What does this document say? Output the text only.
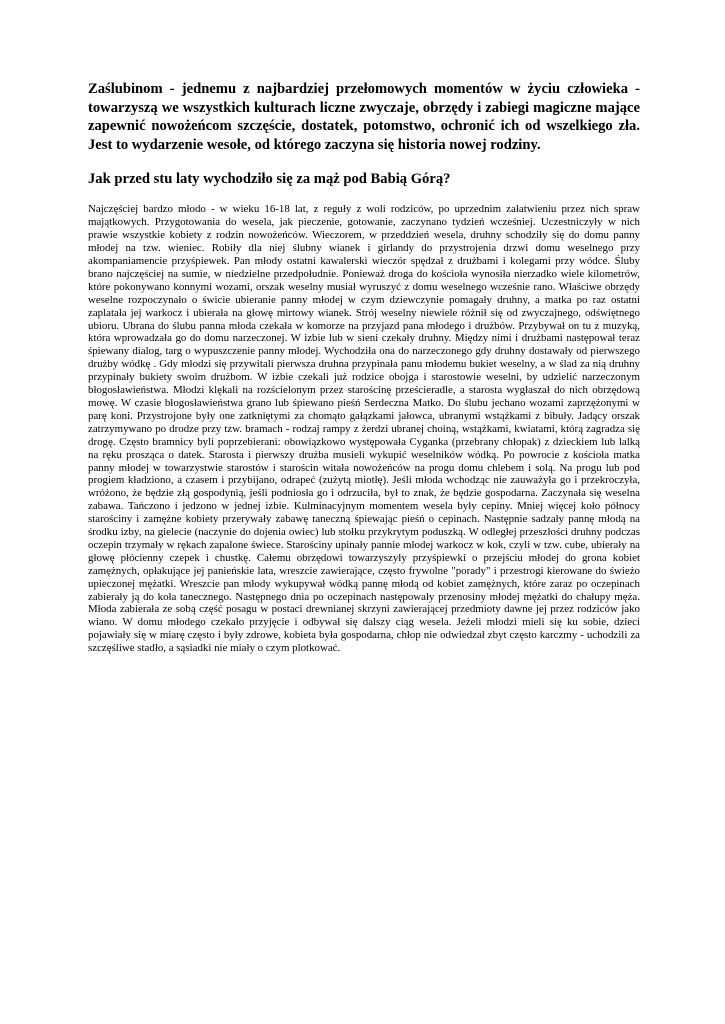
Zaślubinom - jednemu z najbardziej przełomowych momentów w życiu człowieka - towarzyszą we wszystkich kulturach liczne zwyczaje, obrzędy i zabiegi magiczne mające zapewnić nowożeńcom szczęście, dostatek, potomstwo, ochronić ich od wszelkiego zła. Jest to wydarzenie wesołe, od którego zaczyna się historia nowej rodziny.

Jak przed stu laty wychodziło się za mąż pod Babią Górą?

Najczęściej bardzo młodo - w wieku 16-18 lat, z reguły z woli rodziców, po uprzednim załatwieniu przez nich spraw majątkowych. Przygotowania do wesela, jak pieczenie, gotowanie, zaczynano tydzień wcześniej. Uczestniczyły w nich prawie wszystkie kobiety z rodzin nowożeńców. Wieczorem, w przeddzień wesela, druhny schodziły się do domu panny młodej na tzw. wieniec. Robiły dla niej ślubny wianek i girlandy do przystrojenia drzwi domu weselnego przy akompaniamencie przyśpiewek. Pan młody ostatni kawalerski wieczór spędzał z drużbami i kolegami przy wódce. Śluby brano najczęściej na sumie, w niedzielne przedpołudnie. Ponieważ droga do kościoła wynosiła nierzadko wiele kilometrów, które pokonywano konnymi wozami, orszak weselny musiał wyruszyć z domu weselnego wcześnie rano. Właściwe obrzędy weselne rozpoczynało o świcie ubieranie panny młodej w czym dziewczynie pomagały druhny, a matka po raz ostatni zaplatała jej warkocz i ubierała na głowę mirtowy wianek. Strój weselny niewiele różnił się od zwyczajnego, odświętnego ubioru. Ubrana do ślubu panna młoda czekała w komorze na przyjazd pana młodego i drużbów. Przybywał on tu z muzyką, która wprowadzała go do domu narzeczonej. W izbie lub w sieni czekały druhny. Między nimi i drużbami następował teraz śpiewany dialog, targ o wypuszczenie panny młodej. Wychodziła ona do narzeczonego gdy druhny dostawały od pierwszego drużby wódkę . Gdy młodzi się przywitali pierwsza druhna przypinała panu młodemu bukiet weselny, a w ślad za nią druhny przypinały bukiety swoim drużbom. W izbie czekali już rodzice obojga i starostowie weselni, by udzielić narzeczonym błogosławieństwa. Młodzi klękali na rozścielonym przez starościnę prześcieradle, a starosta wygłaszał do nich obrzędową mowę. W czasie błogosławieństwa grano lub śpiewano pieśń Serdeczna Matko. Do ślubu jechano wozami zaprzężonymi w parę koni. Przystrojone były one zatkniętymi za chomąto gałązkami jałowca, ubranymi wstążkami z bibuły. Jadący orszak zatrzymywano po drodze przy tzw. bramach - rodzaj rampy z żerdzi ubranej choiną, wstążkami, kwiatami, którą zagradza się drogę. Często bramnicy byli poprzebierani: obowiązkowo występowała Cyganka (przebrany chłopak) z dzieckiem lub lalką na ręku prosząca o datek. Starosta i pierwszy drużba musieli wykupić weselników wódką. Po powrocie z kościoła matka panny młodej w towarzystwie starostów i starościn witała nowożeńców na progu domu chlebem i solą. Na progu lub pod progiem kładziono, a czasem i przybijano, odrapeć (zużytą miotłę). Jeśli młoda wchodząc nie zauważyła go i przekroczyła, wróżono, że będzie złą gospodynią, jeśli podniosła go i odrzuciła, był to znak, że będzie gospodarna. Zaczynała się weselna zabawa. Tańczono i jedzono w jednej izbie. Kulminacyjnym momentem wesela były cepiny. Mniej więcej koło północy starościny i zamężne kobiety przerywały zabawę taneczną śpiewając pieśń o cepinach. Następnie sadzały pannę młodą na środku izby, na gielecie (naczynie do dojenia owiec) lub stołku przykrytym poduszką. W odległej przeszłości druhny podczas oczepin trzymały w rękach zapalone świece. Starościny upinały pannie młodej warkocz w kok, czyli w tzw. cube, ubierały na głowę płócienny czepek i chustkę. Całemu obrzędowi towarzyszyły przyśpiewki o przejściu młodej do grona kobiet zamężnych, opłakujące jej panieńskie lata, wreszcie zawierające, często frywolne "porady" i przestrogi kierowane do świeżo upieczonej mężatki. Wreszcie pan młody wykupywał wódką pannę młodą od kobiet zamężnych, które zaraz po oczepinach zabierały ją do koła tanecznego. Następnego dnia po oczepinach następowały przenosiny młodej mężatki do chałupy męża. Młoda zabierała ze sobą część posagu w postaci drewnianej skrzyni zawierającej przedmioty dawne jej przez rodziców jako wiano. W domu młodego czekało przyjęcie i odbywał się dalszy ciąg wesela. Jeżeli młodzi mieli się ku sobie, dzieci pojawiały się w miarę często i były zdrowe, kobieta była gospodarna, chłop nie odwiedzał zbyt często karczmy - uchodzili za szczęśliwe stadło, a sąsiadki nie miały o czym plotkować.
